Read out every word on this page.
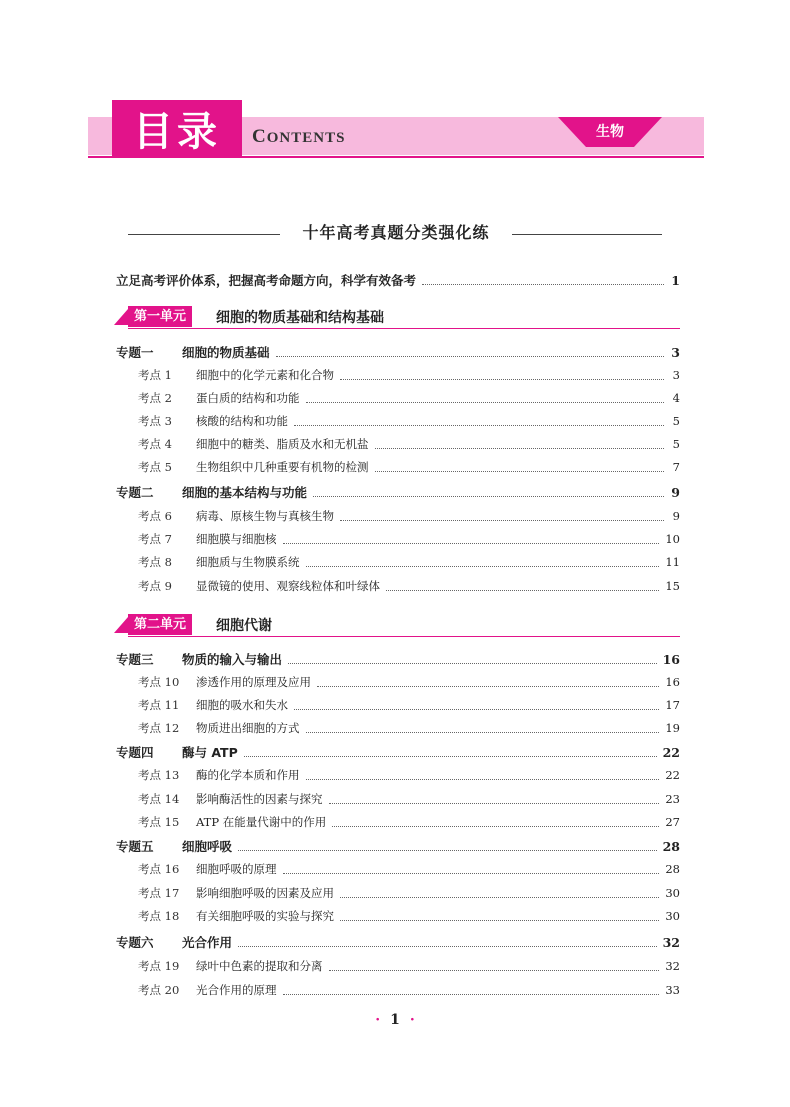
目录	CONTENTS	生物
十年高考真题分类强化练
立足高考评价体系，把握高考命题方向，科学有效备考	1
第一单元	细胞的物质基础和结构基础
专题一 细胞的物质基础	3
考点 1 细胞中的化学元素和化合物	3
考点 2 蛋白质的结构和功能	4
考点 3 核酸的结构和功能	5
考点 4 细胞中的糖类、脂质及水和无机盐	5
考点 5 生物组织中几种重要有机物的检测	7
专题二 细胞的基本结构与功能	9
考点 6 病毒、原核生物与真核生物	9
考点 7 细胞膜与细胞核	10
考点 8 细胞质与生物膜系统	11
考点 9 显微镜的使用、观察线粒体和叶绿体	15
第二单元	细胞代谢
专题三 物质的输入与输出	16
考点 10 渗透作用的原理及应用	16
考点 11 细胞的吸水和失水	17
考点 12 物质进出细胞的方式	19
专题四 酶与 ATP	22
考点 13 酶的化学本质和作用	22
考点 14 影响酶活性的因素与探究	23
考点 15 ATP 在能量代谢中的作用	27
专题五 细胞呼吸	28
考点 16 细胞呼吸的原理	28
考点 17 影响细胞呼吸的因素及应用	30
考点 18 有关细胞呼吸的实验与探究	30
专题六 光合作用	32
考点 19 绿叶中色素的提取和分离	32
考点 20 光合作用的原理	33
· 1 ·
